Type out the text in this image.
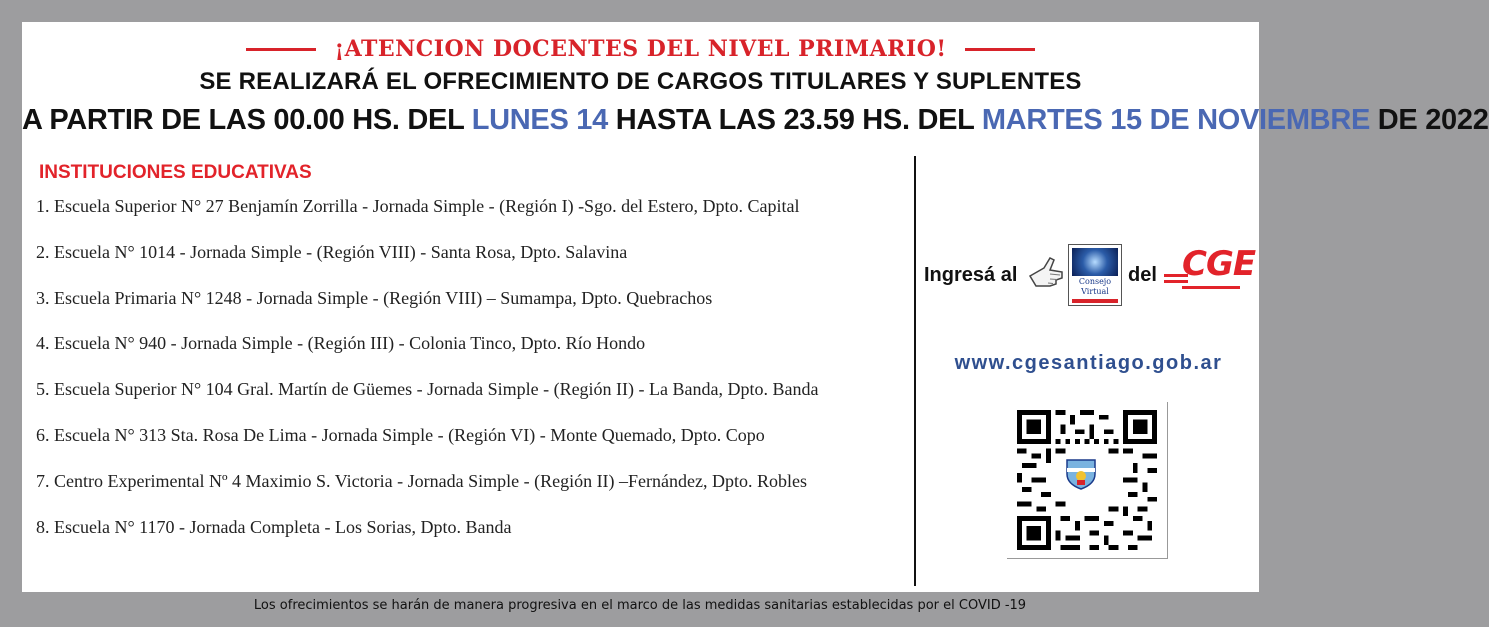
¡ATENCION DOCENTES DEL NIVEL PRIMARIO!
SE REALIZARÁ EL OFRECIMIENTO DE CARGOS TITULARES Y SUPLENTES
A PARTIR DE LAS 00.00 HS. DEL LUNES 14 HASTA LAS 23.59 HS. DEL MARTES 15 DE NOVIEMBRE DE 2022
INSTITUCIONES EDUCATIVAS
1. Escuela Superior N° 27 Benjamín Zorrilla - Jornada Simple - (Región I) -Sgo. del Estero, Dpto. Capital
2. Escuela N° 1014 - Jornada Simple - (Región VIII) - Santa Rosa, Dpto. Salavina
3. Escuela Primaria N° 1248 - Jornada Simple - (Región VIII) – Sumampa, Dpto. Quebrachos
4. Escuela N° 940 - Jornada Simple - (Región III) - Colonia Tinco, Dpto. Río Hondo
5. Escuela Superior N° 104 Gral. Martín de Güemes - Jornada Simple - (Región II) - La Banda, Dpto. Banda
6. Escuela N° 313 Sta. Rosa De Lima - Jornada Simple - (Región VI) - Monte Quemado, Dpto. Copo
7. Centro Experimental Nº 4 Maximio S. Victoria - Jornada Simple - (Región II) –Fernández, Dpto. Robles
8. Escuela N° 1170 - Jornada Completa - Los Sorias, Dpto. Banda
Ingresá al	Consejo
Virtual
del CGE
www.cgesantiago.gob.ar
Los ofrecimientos se harán de manera progresiva en el marco de las medidas sanitarias establecidas por el COVID -19
